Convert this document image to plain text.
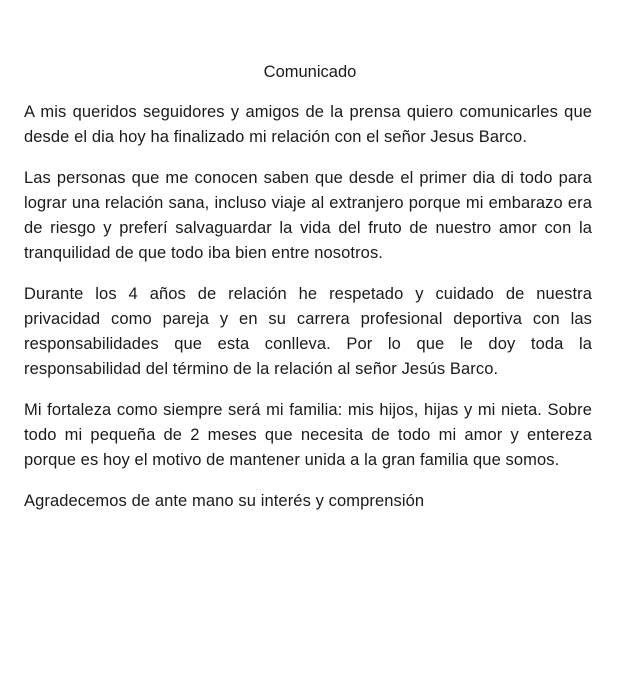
Comunicado

A mis queridos seguidores y amigos de la prensa quiero comunicarles que desde el dia hoy ha finalizado mi relación con el señor Jesus Barco.

Las personas que me conocen saben que desde el primer dia di todo para lograr una relación sana, incluso viaje al extranjero porque mi embarazo era de riesgo y preferí salvaguardar la vida del fruto de nuestro amor con la tranquilidad de que todo iba bien entre nosotros.

Durante los 4 años de relación he respetado y cuidado de nuestra privacidad como pareja y en su carrera profesional deportiva con las responsabilidades que esta conlleva. Por lo que le doy toda la responsabilidad del término de la relación al señor Jesús Barco.

Mi fortaleza como siempre será mi familia: mis hijos, hijas y mi nieta. Sobre todo mi pequeña de 2 meses que necesita de todo mi amor y entereza porque es hoy el motivo de mantener unida a la gran familia que somos.

Agradecemos de ante mano su interés y comprensión
